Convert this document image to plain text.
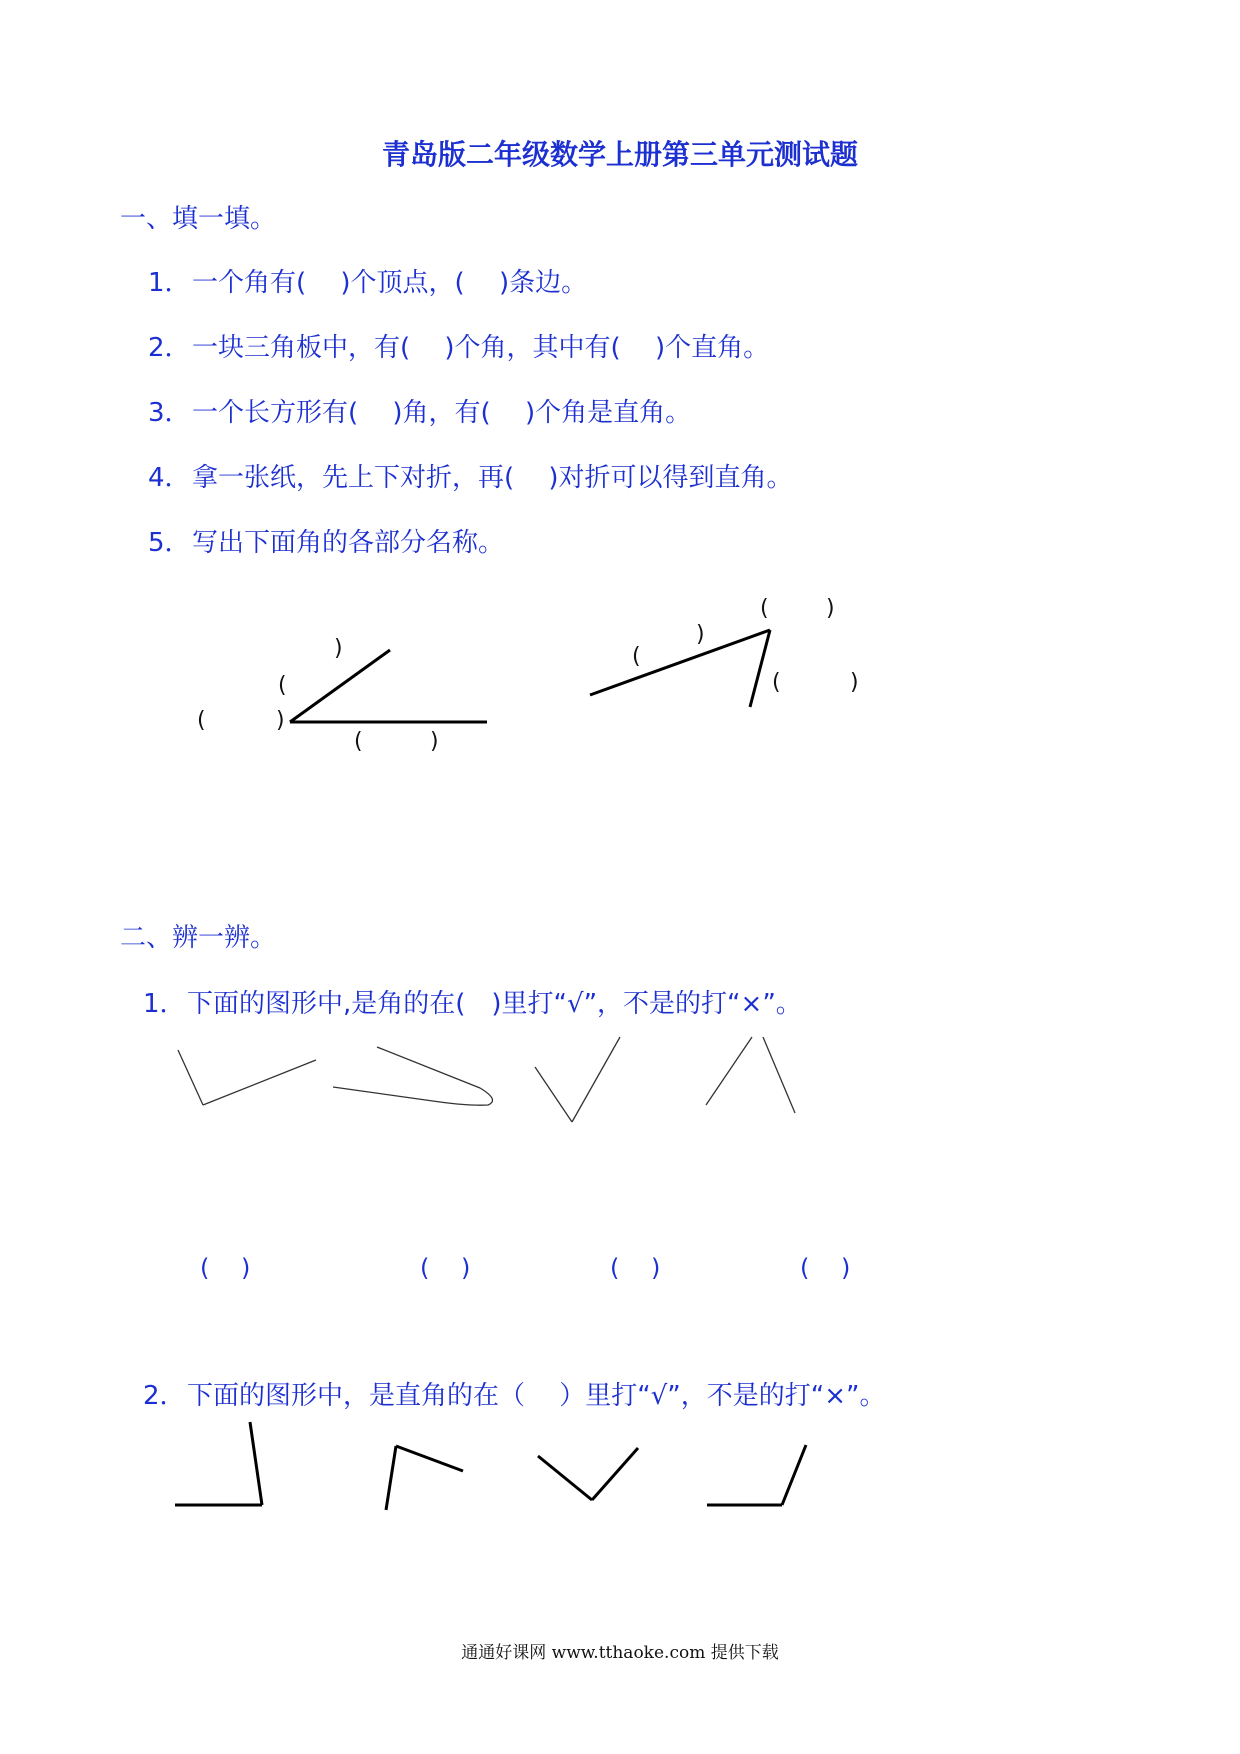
青岛版二年级数学上册第三单元测试题
一、填一填。
1．一个角有(　 )个顶点，(　 )条边。
2．一块三角板中，有(　 )个角，其中有(　 )个直角。
3．一个长方形有(　 )角，有(　 )个角是直角。
4．拿一张纸，先上下对折，再(　 )对折可以得到直角。
5．写出下面角的各部分名称。
(	)
(
)
(	)
(	)
(
)
(	)
二、辨一辨。
1．下面的图形中,是角的在(　)里打“√”，不是的打“×”。
(　 )	(　 )	(　 )	(　 )
2．下面的图形中，是直角的在（　 ）里打“√”，不是的打“×”。
通通好课网 www.tthaoke.com 提供下载
